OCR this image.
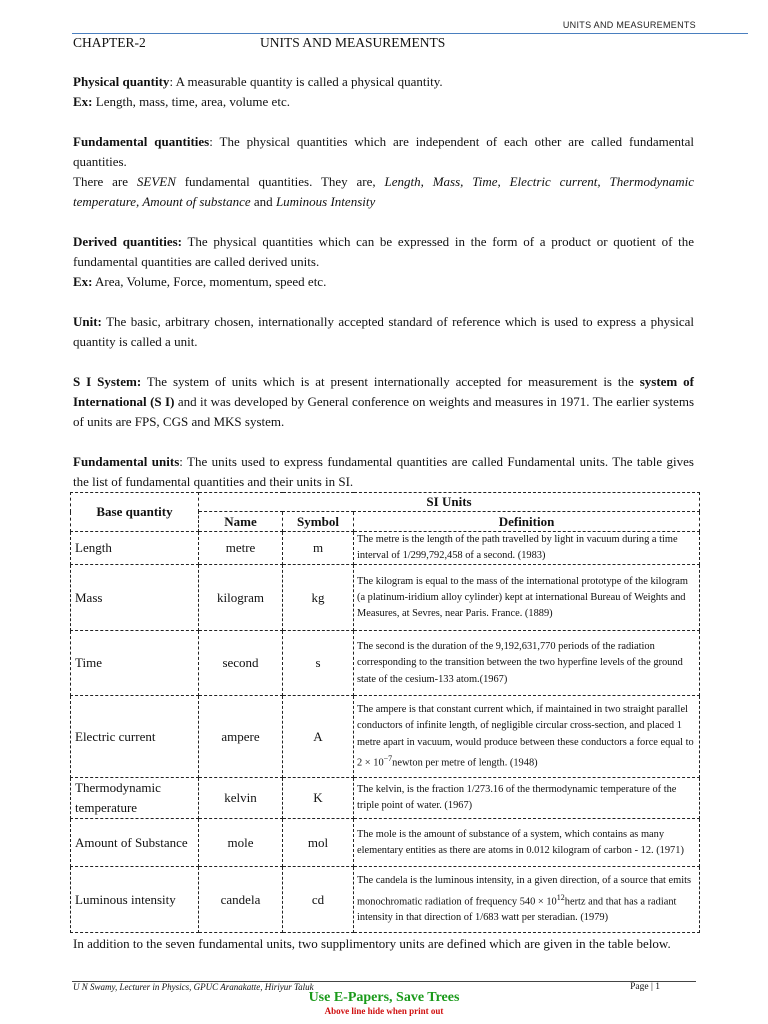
UNITS AND MEASUREMENTS
CHAPTER-2	UNITS AND MEASUREMENTS

Physical quantity: A measurable quantity is called a physical quantity.

Ex: Length, mass, time, area, volume etc.

Fundamental quantities: The physical quantities which are independent of each other are called fundamental quantities.

There are SEVEN fundamental quantities. They are, Length, Mass, Time, Electric current, Thermodynamic temperature, Amount of substance and Luminous Intensity

Derived quantities: The physical quantities which can be expressed in the form of a product or quotient of the fundamental quantities are called derived units.

Ex: Area, Volume, Force, momentum, speed etc.

Unit: The basic, arbitrary chosen, internationally accepted standard of reference which is used to express a physical quantity is called a unit.

S I System: The system of units which is at present internationally accepted for measurement is the system of International (S I) and it was developed by General conference on weights and measures in 1971. The earlier systems of units are FPS, CGS and MKS system.

Fundamental units: The units used to express fundamental quantities are called Fundamental units. The table gives the list of fundamental quantities and their units in SI.

Base quantity	SI Units		
	Name	Symbol	Definition
Length	metre	m	The metre is the length of the path travelled by light in vacuum during a time interval of 1/299,792,458 of a second. (1983)
Mass	kilogram	kg	The kilogram is equal to the mass of the international prototype of the kilogram (a platinum-iridium alloy cylinder) kept at international Bureau of Weights and Measures, at Sevres, near Paris. France. (1889)
Time	second	s	The second is the duration of the 9,192,631,770 periods of the radiation corresponding to the transition between the two hyperfine levels of the ground state of the cesium-133 atom.(1967)
Electric current	ampere	A	The ampere is that constant current which, if maintained in two straight parallel conductors of infinite length, of negligible circular cross-section, and placed 1 metre apart in vacuum, would produce between these conductors a force equal to $2 \times 10^{-7}newton$ per metre of length. (1948)
Thermodynamic temperature	kelvin	K	The kelvin, is the fraction 1/273.16 of the thermodynamic temperature of the triple point of water. (1967)
Amount of Substance	mole	mol	The mole is the amount of substance of a system, which contains as many elementary entities as there are atoms in 0.012 kilogram of carbon - 12. (1971)
Luminous intensity	candela	cd	The candela is the luminous intensity, in a given direction, of a source that emits monochromatic radiation of frequency $540 \times 10^{12}hertz$ and that has a radiant intensity in that direction of 1/683 watt per steradian. (1979)
In addition to the seven fundamental units, two supplimentory units are defined which are given in the table below.
U N Swamy, Lecturer in Physics, GPUC Aranakatte, Hiriyur Taluk	Page | 1
Use E-Papers, Save Trees
Above line hide when print out
